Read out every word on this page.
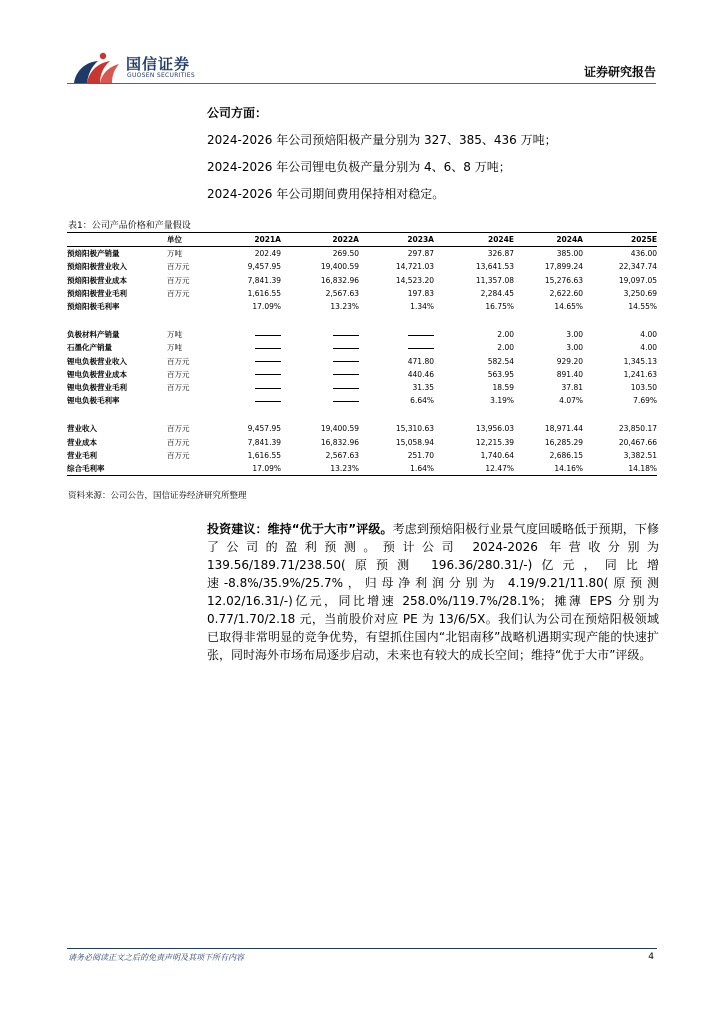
国信证券
GUOSEN SECURITIES	证券研究报告
公司方面：
2024-2026 年公司预焙阳极产量分别为 327、385、436 万吨；
2024-2026 年公司锂电负极产量分别为 4、6、8 万吨；
2024-2026 年公司期间费用保持相对稳定。
表1：公司产品价格和产量假设
	单位	2021A	2022A	2023A	2024E	2024A	2025E
预焙阳极产销量	万吨	202.49	269.50	297.87	326.87	385.00	436.00
预焙阳极营业收入	百万元	9,457.95	19,400.59	14,721.03	13,641.53	17,899.24	22,347.74
预焙阳极营业成本	百万元	7,841.39	16,832.96	14,523.20	11,357.08	15,276.63	19,097.05
预焙阳极营业毛利	百万元	1,616.55	2,567.63	197.83	2,284.45	2,622.60	3,250.69
预焙阳极毛利率		17.09%	13.23%	1.34%	16.75%	14.65%	14.55%

负极材料产销量	万吨				2.00	3.00	4.00
石墨化产销量	万吨				2.00	3.00	4.00
锂电负极营业收入	百万元			471.80	582.54	929.20	1,345.13
锂电负极营业成本	百万元			440.46	563.95	891.40	1,241.63
锂电负极营业毛利	百万元			31.35	18.59	37.81	103.50
锂电负极毛利率				6.64%	3.19%	4.07%	7.69%

营业收入	百万元	9,457.95	19,400.59	15,310.63	13,956.03	18,971.44	23,850.17
营业成本	百万元	7,841.39	16,832.96	15,058.94	12,215.39	16,285.29	20,467.66
营业毛利	百万元	1,616.55	2,567.63	251.70	1,740.64	2,686.15	3,382.51
综合毛利率		17.09%	13.23%	1.64%	12.47%	14.16%	14.18%
资料来源：公司公告，国信证券经济研究所整理
投资建议：维持“优于大市”评级。考虑到预焙阳极行业景气度回暖略低于预期，下修了公司的盈利预测。预计公司 2024-2026 年营收分别为 139.56/189.71/238.50(原预测 196.36/280.31/-)亿元，同比增速-8.8%/35.9%/25.7%，归母净利润分别为 4.19/9.21/11.80(原预测 12.02/16.31/-)亿元，同比增速 258.0%/119.7%/28.1%；摊薄 EPS 分别为 0.77/1.70/2.18 元，当前股价对应 PE 为 13/6/5X。我们认为公司在预焙阳极领域已取得非常明显的竞争优势，有望抓住国内“北铝南移”战略机遇期实现产能的快速扩张，同时海外市场布局逐步启动，未来也有较大的成长空间；维持“优于大市”评级。
请务必阅读正文之后的免责声明及其项下所有内容	4
